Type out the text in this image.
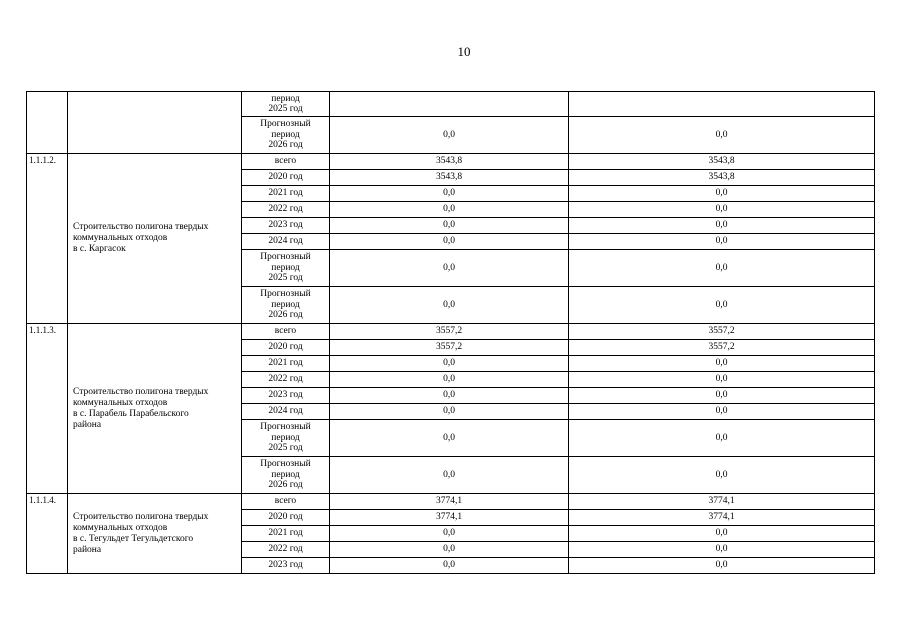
10

		период
2025 год		

		Прогнозный
период
2026 год	0,0	0,0
1.1.1.2.	Строительство полигона твердых
коммунальных отходов
в с. Каргасок	всего	3543,8	3543,8

		2020 год	3543,8	3543,8

		2021 год	0,0	0,0

		2022 год	0,0	0,0

		2023 год	0,0	0,0

		2024 год	0,0	0,0

		Прогнозный
период
2025 год	0,0	0,0

		Прогнозный
период
2026 год	0,0	0,0
1.1.1.3.	Строительство полигона твердых
коммунальных отходов
в с. Парабель Парабельского
района	всего	3557,2	3557,2

		2020 год	3557,2	3557,2

		2021 год	0,0	0,0

		2022 год	0,0	0,0

		2023 год	0,0	0,0

		2024 год	0,0	0,0

		Прогнозный
период
2025 год	0,0	0,0

		Прогнозный
период
2026 год	0,0	0,0
1.1.1.4.	Строительство полигона твердых
коммунальных отходов
в с. Тегульдет Тегульдетского
района	всего	3774,1	3774,1

		2020 год	3774,1	3774,1

		2021 год	0,0	0,0

		2022 год	0,0	0,0

		2023 год	0,0	0,0
